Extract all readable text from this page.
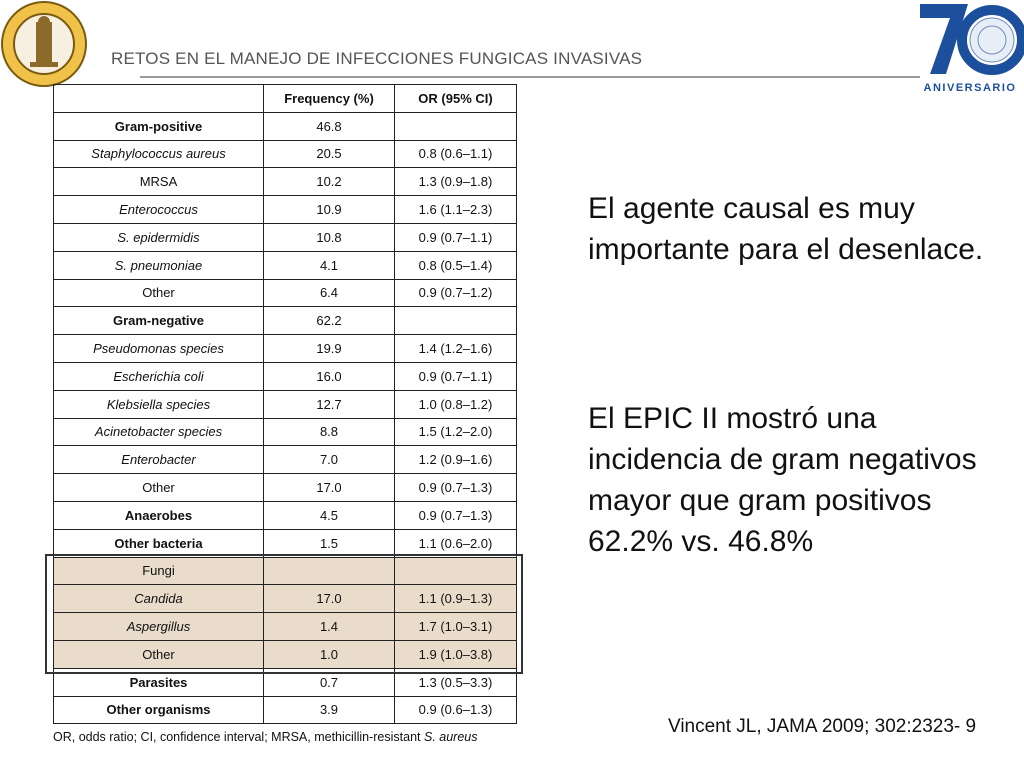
RETOS EN EL MANEJO DE INFECCIONES FUNGICAS INVASIVAS
ANIVERSARIO
	Frequency (%)	OR (95% CI)
Gram-positive	46.8	
Staphylococcus aureus	20.5	0.8 (0.6–1.1)
MRSA	10.2	1.3 (0.9–1.8)
Enterococcus	10.9	1.6 (1.1–2.3)
S. epidermidis	10.8	0.9 (0.7–1.1)
S. pneumoniae	4.1	0.8 (0.5–1.4)
Other	6.4	0.9 (0.7–1.2)
Gram-negative	62.2	
Pseudomonas species	19.9	1.4 (1.2–1.6)
Escherichia coli	16.0	0.9 (0.7–1.1)
Klebsiella species	12.7	1.0 (0.8–1.2)
Acinetobacter species	8.8	1.5 (1.2–2.0)
Enterobacter	7.0	1.2 (0.9–1.6)
Other	17.0	0.9 (0.7–1.3)
Anaerobes	4.5	0.9 (0.7–1.3)
Other bacteria	1.5	1.1 (0.6–2.0)
Fungi		
Candida	17.0	1.1 (0.9–1.3)
Aspergillus	1.4	1.7 (1.0–3.1)
Other	1.0	1.9 (1.0–3.8)
Parasites	0.7	1.3 (0.5–3.3)
Other organisms	3.9	0.9 (0.6–1.3)
OR, odds ratio; CI, confidence interval; MRSA, methicillin-resistant S. aureus
El agente causal es muy importante para el desenlace.
El EPIC II mostró una incidencia de gram negativos mayor que gram positivos 62.2% vs. 46.8%
Vincent JL, JAMA 2009; 302:2323- 9
